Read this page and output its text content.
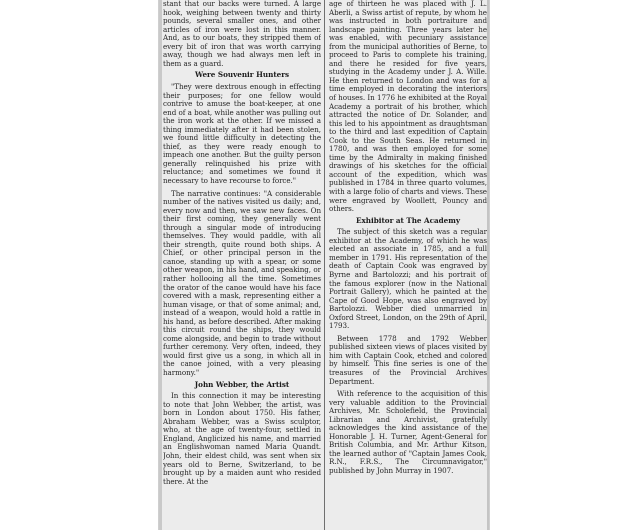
stant that our backs were turned. A large hook, weighing between twenty and thirty pounds, several smaller ones, and other articles of iron were lost in this manner. And, as to our boats, they stripped them of every bit of iron that was worth carrying away, though we had always men left in them as a guard.

Were Souvenir Hunters

"They were dextrous enough in effecting their purposes; for one fellow would contrive to amuse the boat-keeper, at one end of a boat, while another was pulling out the iron work at the other. If we missed a thing immediately after it had been stolen, we found little difficulty in detecting the thief, as they were ready enough to impeach one another. But the guilty person generally relinquished his prize with reluctance; and sometimes we found it necessary to have recourse to force."

The narrative continues: "A considerable number of the natives visited us daily; and, every now and then, we saw new faces. On their first coming, they generally went through a singular mode of introducing themselves. They would paddle, with all their strength, quite round both ships. A Chief, or other principal person in the canoe, standing up with a spear, or some other weapon, in his hand, and speaking, or rather hollooing all the time. Sometimes the orator of the canoe would have his face covered with a mask, representing either a human visage, or that of some animal; and, instead of a weapon, would hold a rattle in his hand, as before described. After making this circuit round the ships, they would come alongside, and begin to trade without further ceremony. Very often, indeed, they would first give us a song, in which all in the canoe joined, with a very pleasing harmony."

John Webber, the Artist

In this connection it may be interesting to note that John Webber, the artist, was born in London about 1750. His father, Abraham Webber, was a Swiss sculptor, who, at the age of twenty-four, settled in England, Anglicized his name, and married an Englishwoman named Maria Quandt. John, their eldest child, was sent when six years old to Berne, Switzerland, to be brought up by a maiden aunt who resided there. At the

age of thirteen he was placed with J. L. Aberli, a Swiss artist of repute, by whom he was instructed in both portraiture and landscape painting. Three years later he was enabled, with pecuniary assistance from the municipal authorities of Berne, to proceed to Paris to complete his training, and there he resided for five years, studying in the Academy under J. A. Wille. He then returned to London and was for a time employed in decorating the interiors of houses. In 1776 he exhibited at the Royal Academy a portrait of his brother, which attracted the notice of Dr. Solander, and this led to his appointment as draughtsman to the third and last expedition of Captain Cook to the South Seas. He returned in 1780, and was then employed for some time by the Admiralty in making finished drawings of his sketches for the official account of the expedition, which was published in 1784 in three quarto volumes, with a large folio of charts and views. These were engraved by Woollett, Pouncy and others.

Exhibitor at The Academy

The subject of this sketch was a regular exhibitor at the Academy, of which he was elected an associate in 1785, and a full member in 1791. His representation of the death of Captain Cook was engraved by Byrne and Bartolozzi; and his portrait of the famous explorer (now in the National Portrait Gallery), which he painted at the Cape of Good Hope, was also engraved by Bartolozzi. Webber died unmarried in Oxford Street, London, on the 29th of April, 1793.

Between 1778 and 1792 Webber published sixteen views of places visited by him with Captain Cook, etched and colored by himself. This fine series is one of the treasures of the Provincial Archives Department.

With reference to the acquisition of this very valuable addition to the Provincial Archives, Mr. Scholefield, the Provincial Librarian and Archivist, gratefully acknowledges the kind assistance of the Honorable J. H. Turner, Agent-General for British Columbia, and Mr. Arthur Kitson, the learned author of "Captain James Cook, R.N., F.R.S., The Circumnavigator," published by John Murray in 1907.
